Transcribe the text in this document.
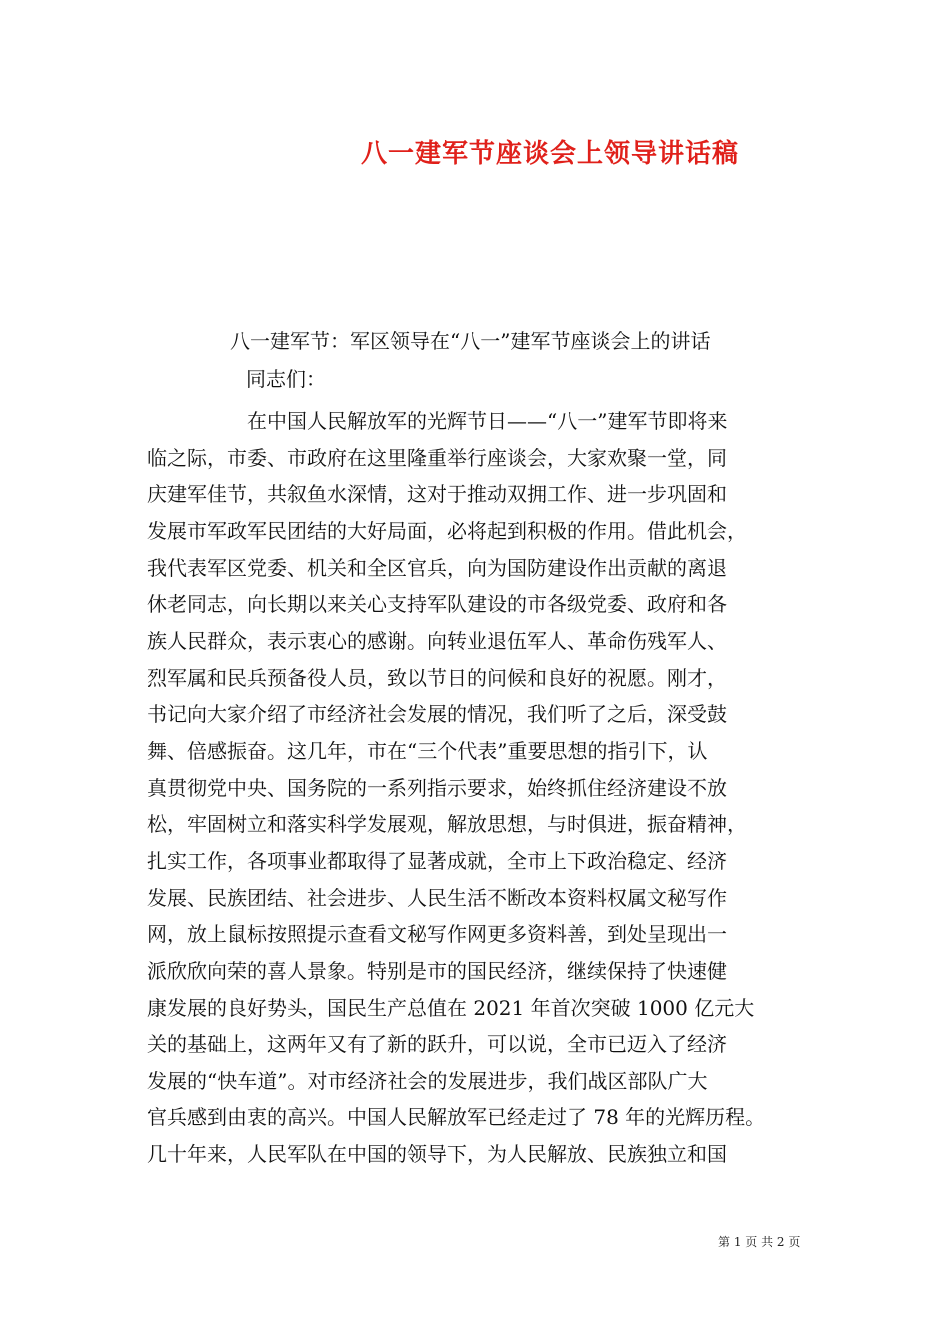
八一建军节座谈会上领导讲话稿
八一建军节：军区领导在“八一”建军节座谈会上的讲话
同志们：
在中国人民解放军的光辉节日——“八一”建军节即将来
临之际，市委、市政府在这里隆重举行座谈会，大家欢聚一堂，同
庆建军佳节，共叙鱼水深情，这对于推动双拥工作、进一步巩固和
发展市军政军民团结的大好局面，必将起到积极的作用。借此机会，
我代表军区党委、机关和全区官兵，向为国防建设作出贡献的离退
休老同志，向长期以来关心支持军队建设的市各级党委、政府和各
族人民群众，表示衷心的感谢。向转业退伍军人、革命伤残军人、
烈军属和民兵预备役人员，致以节日的问候和良好的祝愿。刚才，
书记向大家介绍了市经济社会发展的情况，我们听了之后，深受鼓
舞、倍感振奋。这几年，市在“三个代表”重要思想的指引下，认
真贯彻党中央、国务院的一系列指示要求，始终抓住经济建设不放
松，牢固树立和落实科学发展观，解放思想，与时俱进，振奋精神，
扎实工作，各项事业都取得了显著成就，全市上下政治稳定、经济
发展、民族团结、社会进步、人民生活不断改本资料权属文秘写作
网，放上鼠标按照提示查看文秘写作网更多资料善，到处呈现出一
派欣欣向荣的喜人景象。特别是市的国民经济，继续保持了快速健
康发展的良好势头，国民生产总值在 2021 年首次突破 1000 亿元大
关的基础上，这两年又有了新的跃升，可以说，全市已迈入了经济
发展的“快车道”。对市经济社会的发展进步，我们战区部队广大
官兵感到由衷的高兴。中国人民解放军已经走过了 78 年的光辉历程。
几十年来，人民军队在中国的领导下，为人民解放、民族独立和国
第 1 页 共 2 页
